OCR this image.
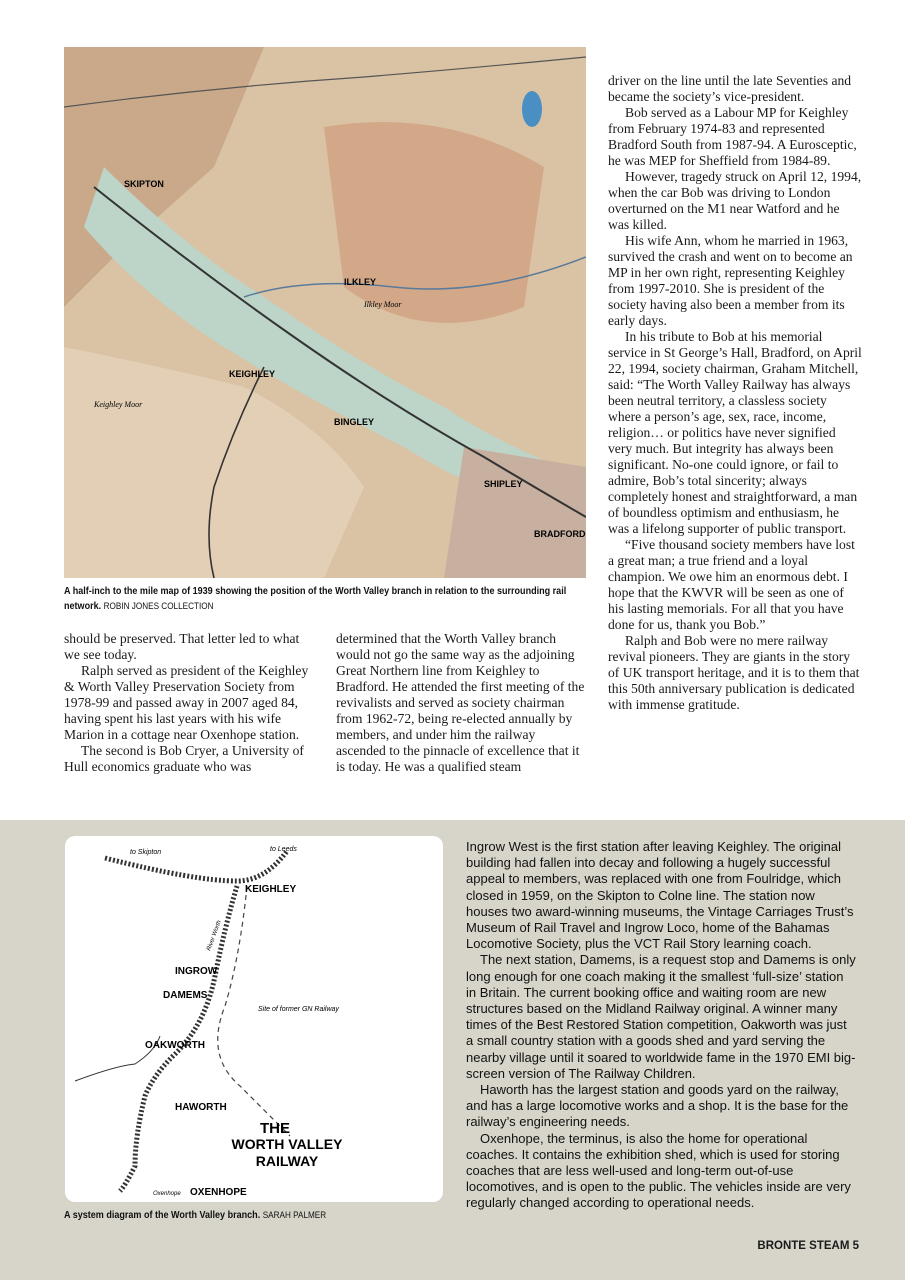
SKIPTON
KEIGHLEY
ILKLEY
BINGLEY
SHIPLEY
BRADFORD
Ilkley Moor
Keighley Moor
A half-inch to the mile map of 1939 showing the position of the Worth Valley branch in relation to the surrounding rail network. ROBIN JONES COLLECTION

should be preserved. That letter led to what we see today.

Ralph served as president of the Keighley & Worth Valley Preservation Society from 1978-99 and passed away in 2007 aged 84, having spent his last years with his wife Marion in a cottage near Oxenhope station.

The second is Bob Cryer, a University of Hull economics graduate who was

determined that the Worth Valley branch would not go the same way as the adjoining Great Northern line from Keighley to Bradford. He attended the first meeting of the revivalists and served as society chairman from 1962-72, being re-elected annually by members, and under him the railway ascended to the pinnacle of excellence that it is today. He was a qualified steam

driver on the line until the late Seventies and became the society’s vice-president.

Bob served as a Labour MP for Keighley from February 1974-83 and represented Bradford South from 1987-94. A Eurosceptic, he was MEP for Sheffield from 1984-89.

However, tragedy struck on April 12, 1994, when the car Bob was driving to London overturned on the M1 near Watford and he was killed.

His wife Ann, whom he married in 1963, survived the crash and went on to become an MP in her own right, representing Keighley from 1997-2010. She is president of the society having also been a member from its early days.

In his tribute to Bob at his memorial service in St George’s Hall, Bradford, on April 22, 1994, society chairman, Graham Mitchell, said: “The Worth Valley Railway has always been neutral territory, a classless society where a person’s age, sex, race, income, religion… or politics have never signified very much. But integrity has always been significant. No-one could ignore, or fail to admire, Bob’s total sincerity; always completely honest and straightforward, a man of boundless optimism and enthusiasm, he was a lifelong supporter of public transport.

“Five thousand society members have lost a great man; a true friend and a loyal champion. We owe him an enormous debt. I hope that the KWVR will be seen as one of his lasting memorials. For all that you have done for us, thank you Bob.”

Ralph and Bob were no mere railway revival pioneers. They are giants in the story of UK transport heritage, and it is to them that this 50th anniversary publication is dedicated with immense gratitude.

to Skipton	to Leeds
River Worth
Site of former GN Railway
KEIGHLEY
INGROW
DAMEMS
OAKWORTH
HAWORTH
OXENHOPE
Oxenhope
THE
WORTH VALLEY
RAILWAY
A system diagram of the Worth Valley branch. SARAH PALMER

Ingrow West is the first station after leaving Keighley. The original building had fallen into decay and following a hugely successful appeal to members, was replaced with one from Foulridge, which closed in 1959, on the Skipton to Colne line. The station now houses two award-winning museums, the Vintage Carriages Trust’s Museum of Rail Travel and Ingrow Loco, home of the Bahamas Locomotive Society, plus the VCT Rail Story learning coach.

The next station, Damems, is a request stop and Damems is only long enough for one coach making it the smallest ‘full-size’ station in Britain. The current booking office and waiting room are new structures based on the Midland Railway original. A winner many times of the Best Restored Station competition, Oakworth was just a small country station with a goods shed and yard serving the nearby village until it soared to worldwide fame in the 1970 EMI big-screen version of The Railway Children.

Haworth has the largest station and goods yard on the railway, and has a large locomotive works and a shop. It is the base for the railway’s engineering needs.

Oxenhope, the terminus, is also the home for operational coaches. It contains the exhibition shed, which is used for storing coaches that are less well-used and long-term out-of-use locomotives, and is open to the public. The vehicles inside are very regularly changed according to operational needs.

BRONTE STEAM 5
